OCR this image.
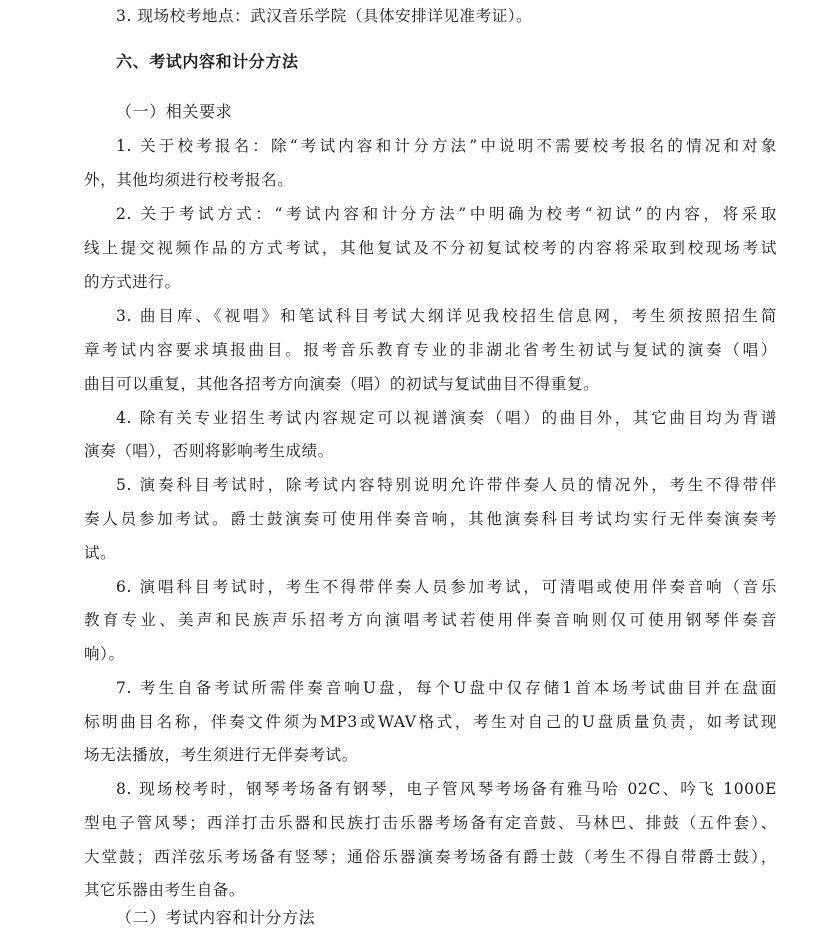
3. 现场校考地点：武汉音乐学院（具体安排详见准考证）。
六、考试内容和计分方法
（一）相关要求
1. 关于校考报名：除“考试内容和计分方法”中说明不需要校考报名的情况和对象
外，其他均须进行校考报名。
2. 关于考试方式：“考试内容和计分方法”中明确为校考“初试”的内容，将采取
线上提交视频作品的方式考试，其他复试及不分初复试校考的内容将采取到校现场考试
的方式进行。
3. 曲目库、《视唱》和笔试科目考试大纲详见我校招生信息网，考生须按照招生简
章考试内容要求填报曲目。报考音乐教育专业的非湖北省考生初试与复试的演奏（唱）
曲目可以重复，其他各招考方向演奏（唱）的初试与复试曲目不得重复。
4. 除有关专业招生考试内容规定可以视谱演奏（唱）的曲目外，其它曲目均为背谱
演奏（唱），否则将影响考生成绩。
5. 演奏科目考试时，除考试内容特别说明允许带伴奏人员的情况外，考生不得带伴
奏人员参加考试。爵士鼓演奏可使用伴奏音响，其他演奏科目考试均实行无伴奏演奏考
试。
6. 演唱科目考试时，考生不得带伴奏人员参加考试，可清唱或使用伴奏音响（音乐
教育专业、美声和民族声乐招考方向演唱考试若使用伴奏音响则仅可使用钢琴伴奏音
响）。
7. 考生自备考试所需伴奏音响U盘，每个U盘中仅存储1首本场考试曲目并在盘面
标明曲目名称，伴奏文件须为MP3或WAV格式，考生对自己的U盘质量负责，如考试现
场无法播放，考生须进行无伴奏考试。
8. 现场校考时，钢琴考场备有钢琴，电子管风琴考场备有雅马哈 02C、吟飞 1000E
型电子管风琴；西洋打击乐器和民族打击乐器考场备有定音鼓、马林巴、排鼓（五件套）、
大堂鼓；西洋弦乐考场备有竖琴；通俗乐器演奏考场备有爵士鼓（考生不得自带爵士鼓），
其它乐器由考生自备。
（二）考试内容和计分方法
